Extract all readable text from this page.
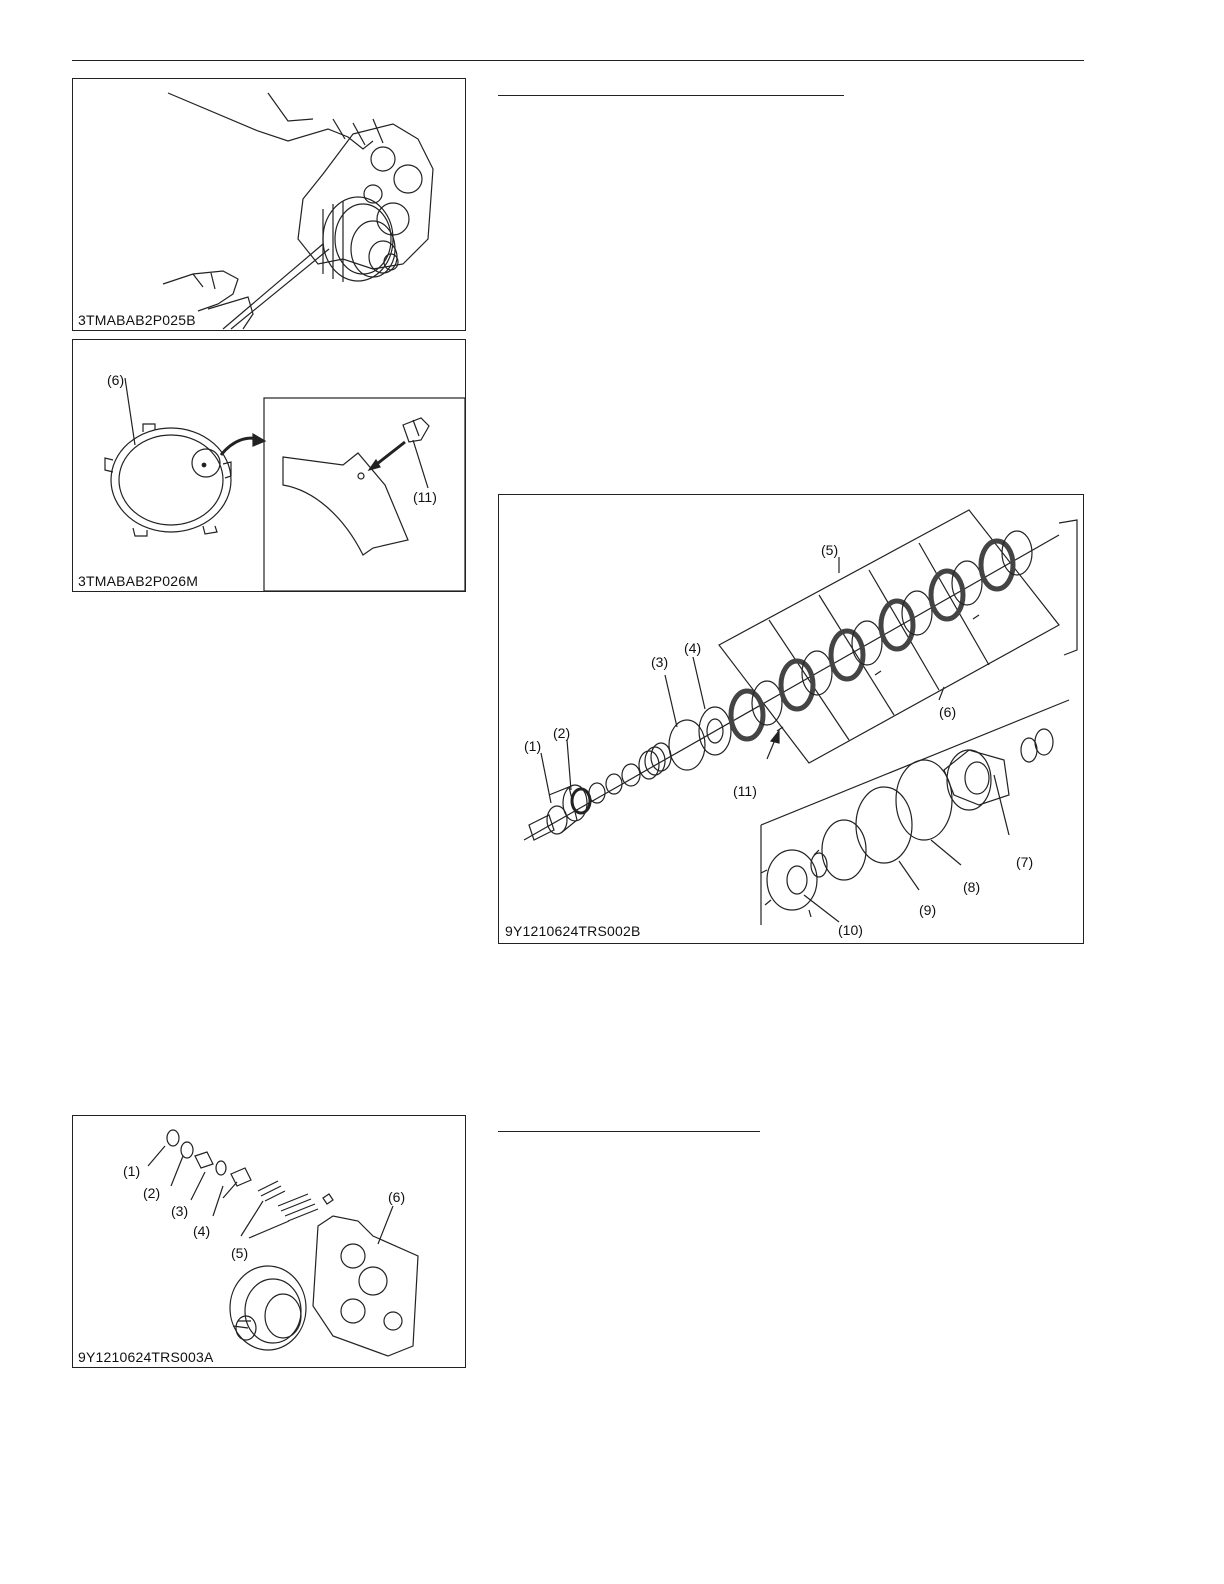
3TMABAB2P025B
(6)
(11)
3TMABAB2P026M
(5)
(6)
(3)
(4)
(1)
(2)
(11)
(7)
(8)
(9)
(10)
9Y1210624TRS002B
(1)
(2)
(3)
(4)
(5)
(6)
9Y1210624TRS003A
